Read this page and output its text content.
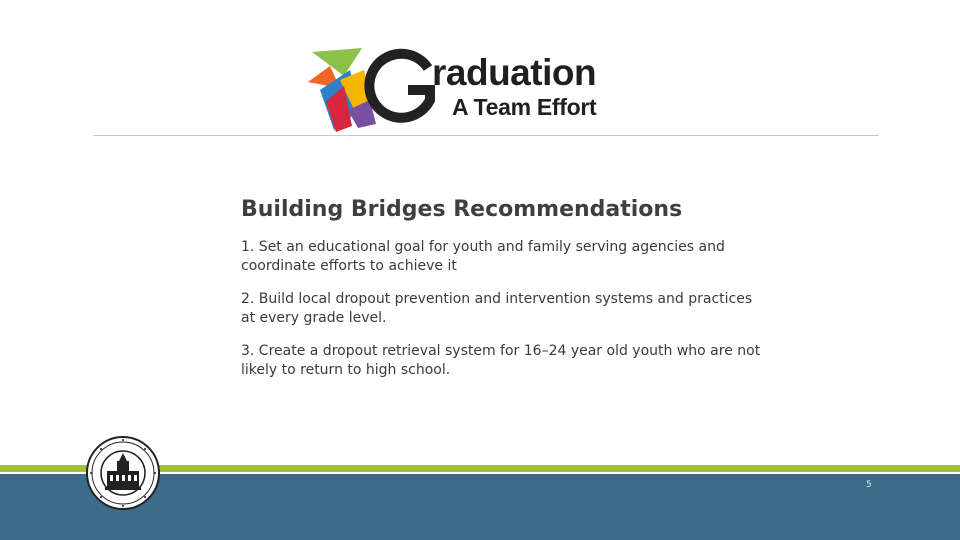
raduation
A Team Effort
Building Bridges Recommendations
1. Set an educational goal for youth and family serving agencies and coordinate efforts to achieve it
2. Build local dropout prevention and intervention systems and practices at every grade level.
3. Create a dropout retrieval system for 16–24 year old youth who are not likely to return to high school.
5
